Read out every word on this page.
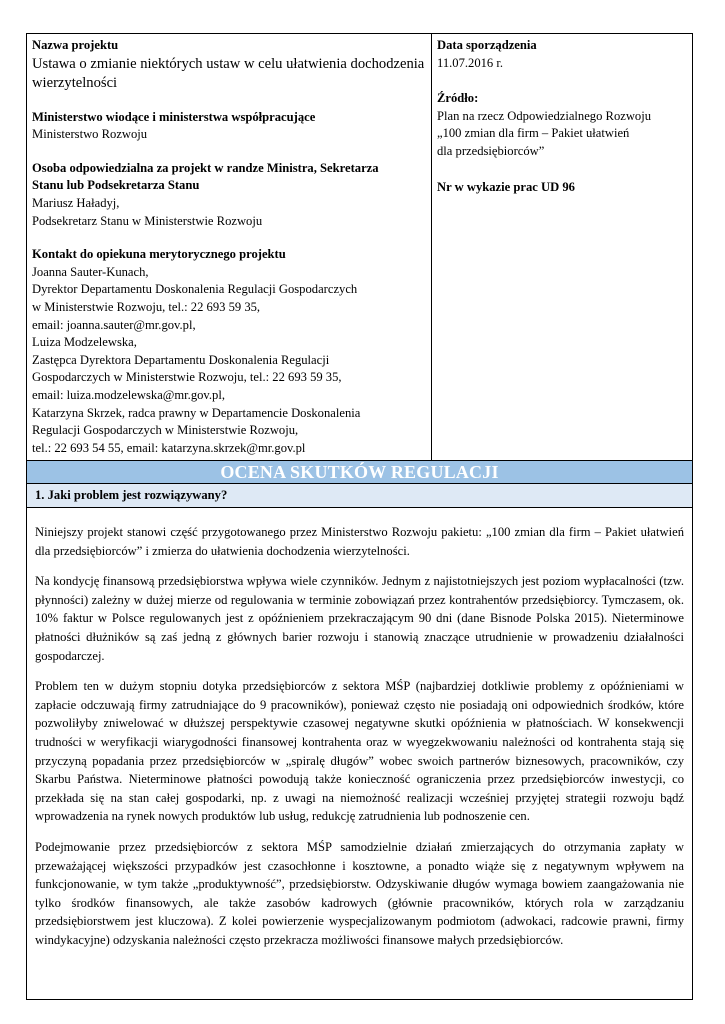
Nazwa projektu
Ustawa o zmianie niektórych ustaw w celu ułatwienia dochodzenia
wierzytelności
Ministerstwo wiodące i ministerstwa współpracujące
Ministerstwo Rozwoju
Osoba odpowiedzialna za projekt w randze Ministra, Sekretarza
Stanu lub Podsekretarza Stanu
Mariusz Haładyj,
Podsekretarz Stanu w Ministerstwie Rozwoju
Kontakt do opiekuna merytorycznego projektu
Joanna Sauter-Kunach,
Dyrektor Departamentu Doskonalenia Regulacji Gospodarczych
w Ministerstwie Rozwoju, tel.: 22 693 59 35,
email: joanna.sauter@mr.gov.pl,
Luiza Modzelewska,
Zastępca Dyrektora Departamentu Doskonalenia Regulacji
Gospodarczych w Ministerstwie Rozwoju, tel.: 22 693 59 35,
email: luiza.modzelewska@mr.gov.pl,
Katarzyna Skrzek, radca prawny w Departamencie Doskonalenia
Regulacji Gospodarczych w Ministerstwie Rozwoju,
tel.: 22 693 54 55, email: katarzyna.skrzek@mr.gov.pl
Data sporządzenia
11.07.2016 r.
Źródło:
Plan na rzecz Odpowiedzialnego Rozwoju
„100 zmian dla firm – Pakiet ułatwień
dla przedsiębiorców”
Nr w wykazie prac UD 96
OCENA SKUTKÓW REGULACJI
1. Jaki problem jest rozwiązywany?

Niniejszy projekt stanowi część przygotowanego przez Ministerstwo Rozwoju pakietu: „100 zmian dla firm – Pakiet ułatwień dla przedsiębiorców” i zmierza do ułatwienia dochodzenia wierzytelności.

Na kondycję finansową przedsiębiorstwa wpływa wiele czynników. Jednym z najistotniejszych jest poziom wypłacalności (tzw. płynności) zależny w dużej mierze od regulowania w terminie zobowiązań przez kontrahentów przedsiębiorcy. Tymczasem, ok. 10% faktur w Polsce regulowanych jest z opóźnieniem przekraczającym 90 dni (dane Bisnode Polska 2015). Nieterminowe płatności dłużników są zaś jedną z głównych barier rozwoju i stanowią znaczące utrudnienie w prowadzeniu działalności gospodarczej.

Problem ten w dużym stopniu dotyka przedsiębiorców z sektora MŚP (najbardziej dotkliwie problemy z opóźnieniami w zapłacie odczuwają firmy zatrudniające do 9 pracowników), ponieważ często nie posiadają oni odpowiednich środków, które pozwoliłyby zniwelować w dłuższej perspektywie czasowej negatywne skutki opóźnienia w płatnościach. W konsekwencji trudności w weryfikacji wiarygodności finansowej kontrahenta oraz w wyegzekwowaniu należności od kontrahenta stają się przyczyną popadania przez przedsiębiorców w „spiralę długów” wobec swoich partnerów biznesowych, pracowników, czy Skarbu Państwa. Nieterminowe płatności powodują także konieczność ograniczenia przez przedsiębiorców inwestycji, co przekłada się na stan całej gospodarki, np. z uwagi na niemożność realizacji wcześniej przyjętej strategii rozwoju bądź wprowadzenia na rynek nowych produktów lub usług, redukcję zatrudnienia lub podnoszenie cen.

Podejmowanie przez przedsiębiorców z sektora MŚP samodzielnie działań zmierzających do otrzymania zapłaty w przeważającej większości przypadków jest czasochłonne i kosztowne, a ponadto wiąże się z negatywnym wpływem na funkcjonowanie, w tym także „produktywność”, przedsiębiorstw. Odzyskiwanie długów wymaga bowiem zaangażowania nie tylko środków finansowych, ale także zasobów kadrowych (głównie pracowników, których rola w zarządzaniu przedsiębiorstwem jest kluczowa). Z kolei powierzenie wyspecjalizowanym podmiotom (adwokaci, radcowie prawni, firmy windykacyjne) odzyskania należności często przekracza możliwości finansowe małych przedsiębiorców.
